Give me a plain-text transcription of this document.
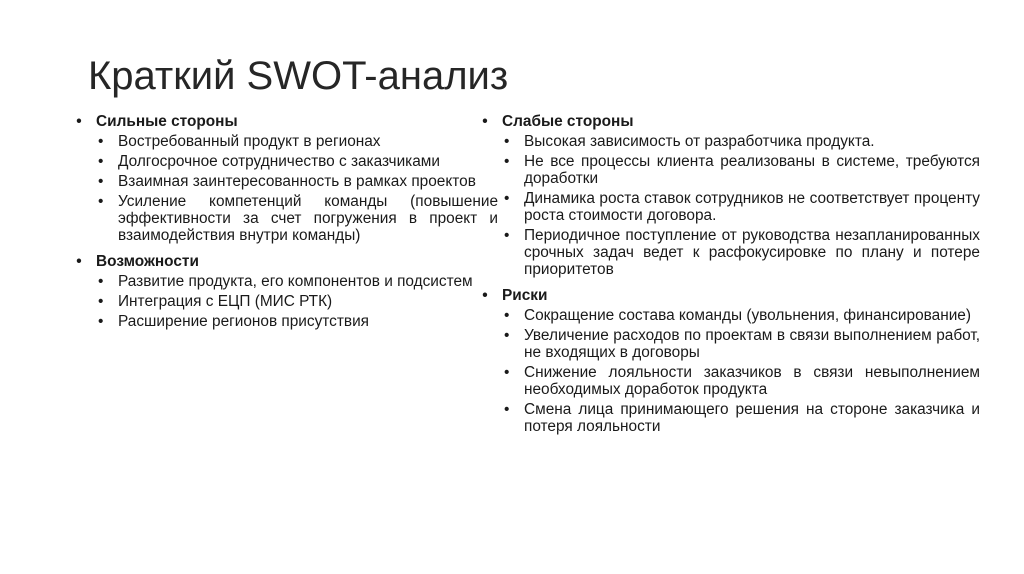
Краткий SWOT-анализ
• Сильные стороны
• Востребованный продукт в регионах
• Долгосрочное сотрудничество с заказчиками
• Взаимная заинтересованность в рамках проектов
• Усиление компетенций команды (повышение эффективности за счет погружения в проект и взаимодействия внутри команды)
• Возможности
• Развитие продукта, его компонентов и подсистем
• Интеграция с ЕЦП (МИС РТК)
• Расширение регионов присутствия
• Слабые стороны
• Высокая зависимость от разработчика продукта.
• Не все процессы клиента реализованы в системе, требуются доработки
• Динамика роста ставок сотрудников не соответствует проценту роста стоимости договора.
• Периодичное поступление от руководства незапланированных срочных задач ведет к расфокусировке по плану и потере приоритетов
• Риски
• Сокращение состава команды (увольнения, финансирование)
• Увеличение расходов по проектам в связи выполнением работ, не входящих в договоры
• Снижение лояльности заказчиков в связи невыполнением необходимых доработок продукта
• Смена лица принимающего решения на стороне заказчика и потеря лояльности
